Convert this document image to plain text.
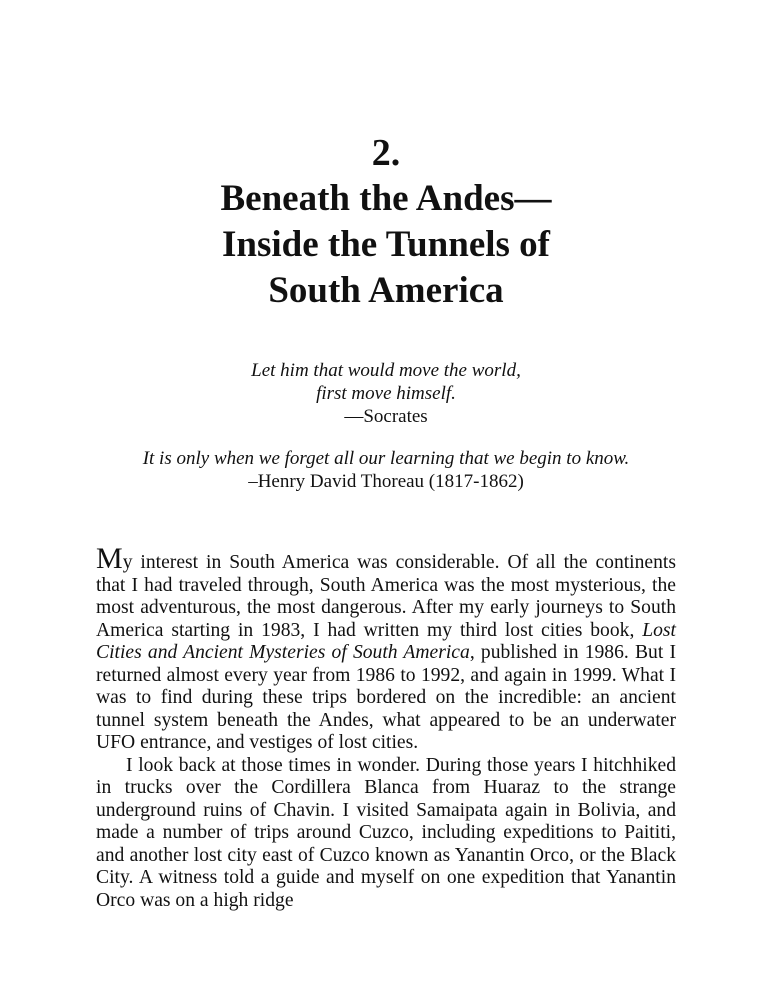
2.
Beneath the Andes—
Inside the Tunnels of
South America
Let him that would move the world,
first move himself.
—Socrates
It is only when we forget all our learning that we begin to know.
–Henry David Thoreau (1817-1862)

My interest in South America was considerable. Of all the continents that I had traveled through, South America was the most mysterious, the most adventurous, the most dangerous. After my early journeys to South America starting in 1983, I had written my third lost cities book, Lost Cities and Ancient Mysteries of South America, published in 1986. But I returned almost every year from 1986 to 1992, and again in 1999. What I was to find during these trips bordered on the incredible: an ancient tunnel system beneath the Andes, what appeared to be an underwater UFO entrance, and vestiges of lost cities.

I look back at those times in wonder. During those years I hitchhiked in trucks over the Cordillera Blanca from Huaraz to the strange underground ruins of Chavin. I visited Samaipata again in Bolivia, and made a number of trips around Cuzco, including expeditions to Paititi, and another lost city east of Cuzco known as Yanantin Orco, or the Black City. A witness told a guide and myself on one expedition that Yanantin Orco was on a high ridge
